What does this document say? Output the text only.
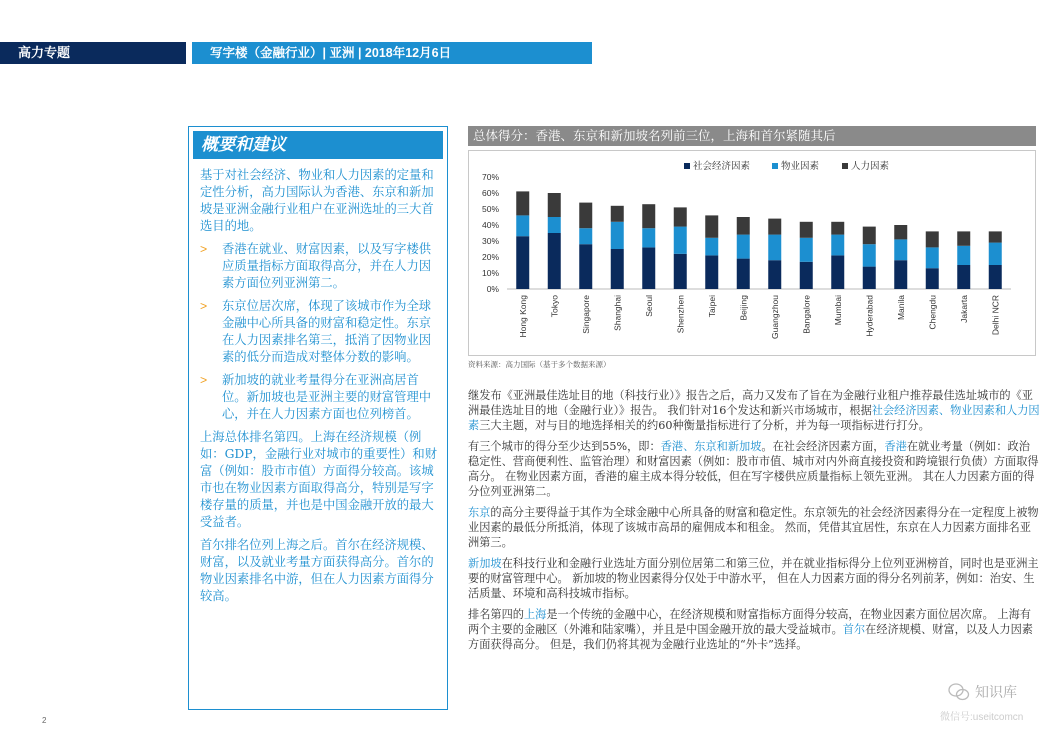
高力专题	写字楼（金融行业）| 亚洲 | 2018年12月6日
概要和建议

基于对社会经济、物业和人力因素的定量和定性分析，高力国际认为香港、东京和新加坡是亚洲金融行业租户在亚洲选址的三大首选目的地。

>	香港在就业、财富因素，以及写字楼供应质量指标方面取得高分，并在人力因素方面位列亚洲第二。
>	东京位居次席，体现了该城市作为全球金融中心所具备的财富和稳定性。东京在人力因素排名第三，抵消了因物业因素的低分而造成对整体分数的影响。
>	新加坡的就业考量得分在亚洲高居首位。新加坡也是亚洲主要的财富管理中心，并在人力因素方面也位列榜首。

上海总体排名第四。上海在经济规模（例如：GDP，金融行业对城市的重要性）和财富（例如：股市市值）方面得分较高。该城市也在物业因素方面取得高分，特别是写字楼存量的质量，并也是中国金融开放的最大受益者。

首尔排名位列上海之后。首尔在经济规模、财富，以及就业考量方面获得高分。首尔的物业因素排名中游，但在人力因素方面得分较高。

总体得分：香港、东京和新加坡名列前三位，上海和首尔紧随其后
0%
10%
20%
30%
40%
50%
60%
70%
Hong Kong	Tokyo	Singapore	Shanghai	Seoul	Shenzhen	Taipei	Beijing	Guangzhou	Bangalore	Mumbai	Hyderabad	Manila	Chengdu	Jakarta	Delhi NCR
社会经济因素	物业因素	人力因素
资料来源：高力国际（基于多个数据来源）

继发布《亚洲最佳选址目的地（科技行业）》报告之后，高力又发布了旨在为金融行业租户推荐最佳选址城市的《亚洲最佳选址目的地（金融行业）》报告。 我们针对16个发达和新兴市场城市，根据社会经济因素、物业因素和人力因素三大主题，对与目的地选择相关的约60种衡量指标进行了分析，并为每一项指标进行打分。

有三个城市的得分至少达到55%，即：香港、东京和新加坡。在社会经济因素方面，香港在就业考量（例如：政治稳定性、营商便利性、监管治理）和财富因素（例如：股市市值、城市对内外商直接投资和跨境银行负债）方面取得高分。 在物业因素方面，香港的雇主成本得分较低，但在写字楼供应质量指标上领先亚洲。 其在人力因素方面的得分位列亚洲第二。

东京的高分主要得益于其作为全球金融中心所具备的财富和稳定性。东京领先的社会经济因素得分在一定程度上被物业因素的最低分所抵消，体现了该城市高昂的雇佣成本和租金。 然而，凭借其宜居性，东京在人力因素方面排名亚洲第三。

新加坡在科技行业和金融行业选址方面分别位居第二和第三位，并在就业指标得分上位列亚洲榜首，同时也是亚洲主要的财富管理中心。 新加坡的物业因素得分仅处于中游水平， 但在人力因素方面的得分名列前茅，例如：治安、生活质量、环境和高科技城市指标。

排名第四的上海是一个传统的金融中心，在经济规模和财富指标方面得分较高，在物业因素方面位居次席。 上海有两个主要的金融区（外滩和陆家嘴），并且是中国金融开放的最大受益城市。首尔在经济规模、财富，以及人力因素方面获得高分。 但是，我们仍将其视为金融行业选址的“外卡”选择。

2
知识库
微信号:useitcomcn
